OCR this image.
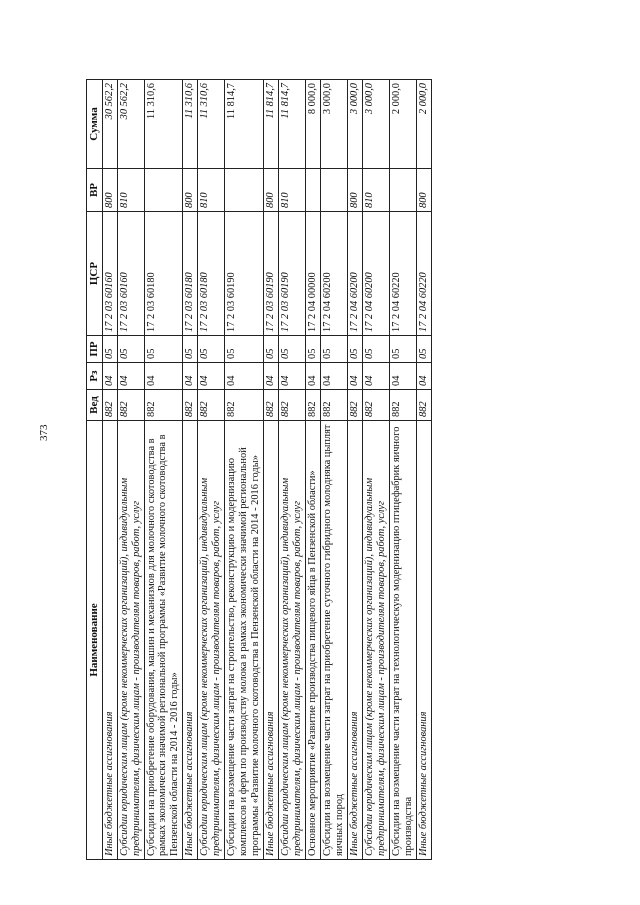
373
Наименование	Вед	Рз	ПР	ЦСР	ВР	Сумма
Иные бюджетные ассигнования	882	04	05	17 2 03 60160	800	30 562,2
Субсидии юридическим лицам (кроме некоммерческих организаций), индивидуальным предпринимателям, физическим лицам - производителям товаров, работ, услуг	882	04	05	17 2 03 60160	810	30 562,2
Субсидии на приобретение оборудования, машин и механизмов для молочного скотоводства в рамках экономически значимой региональной программы «Развитие молочного скотоводства в Пензенской области на 2014 - 2016 годы»	882	04	05	17 2 03 60180		11 310,6
Иные бюджетные ассигнования	882	04	05	17 2 03 60180	800	11 310,6
Субсидии юридическим лицам (кроме некоммерческих организаций), индивидуальным предпринимателям, физическим лицам - производителям товаров, работ, услуг	882	04	05	17 2 03 60180	810	11 310,6
Субсидии на возмещение части затрат на строительство, реконструкцию и модернизацию комплексов и ферм по производству молока в рамках экономически значимой региональной программы «Развитие молочного скотоводства в Пензенской области на 2014 - 2016 годы»	882	04	05	17 2 03 60190		11 814,7
Иные бюджетные ассигнования	882	04	05	17 2 03 60190	800	11 814,7
Субсидии юридическим лицам (кроме некоммерческих организаций), индивидуальным предпринимателям, физическим лицам - производителям товаров, работ, услуг	882	04	05	17 2 03 60190	810	11 814,7
Основное мероприятие «Развитие производства пищевого яйца в Пензенской области»	882	04	05	17 2 04 00000		8 000,0
Субсидии на возмещение части затрат на приобретение суточного гибридного молодняка цыплят яичных пород	882	04	05	17 2 04 60200		3 000,0
Иные бюджетные ассигнования	882	04	05	17 2 04 60200	800	3 000,0
Субсидии юридическим лицам (кроме некоммерческих организаций), индивидуальным предпринимателям, физическим лицам - производителям товаров, работ, услуг	882	04	05	17 2 04 60200	810	3 000,0
Субсидии на возмещение части затрат на технологическую модернизацию птицефабрик яичного производства	882	04	05	17 2 04 60220		2 000,0
Иные бюджетные ассигнования	882	04	05	17 2 04 60220	800	2 000,0
